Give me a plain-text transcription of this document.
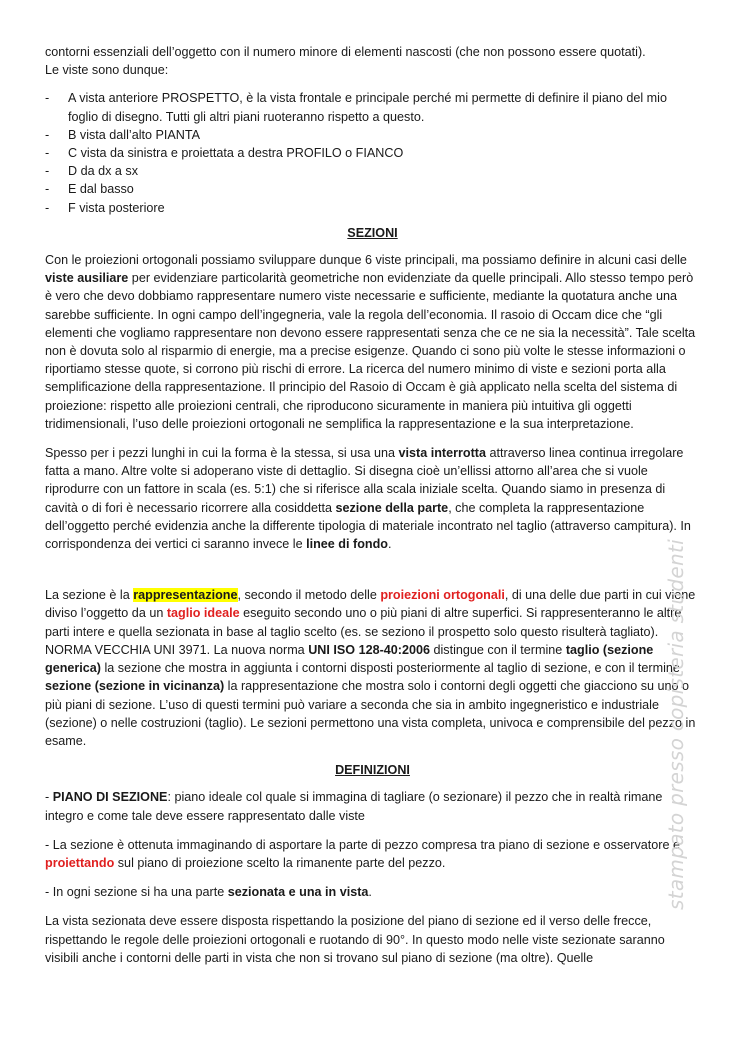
contorni essenziali dell’oggetto con il numero minore di elementi nascosti (che non possono essere quotati).

Le viste sono dunque:

- A vista anteriore PROSPETTO, è la vista frontale e principale perché mi permette di definire il piano del mio foglio di disegno. Tutti gli altri piani ruoteranno rispetto a questo.
- B vista dall’alto PIANTA
- C vista da sinistra e proiettata a destra PROFILO o FIANCO
- D da dx a sx
- E dal basso
- F vista posteriore
SEZIONI

Con le proiezioni ortogonali possiamo sviluppare dunque 6 viste principali, ma possiamo definire in alcuni casi delle viste ausiliare per evidenziare particolarità geometriche non evidenziate da quelle principali. Allo stesso tempo però è vero che devo dobbiamo rappresentare numero viste necessarie e sufficiente, mediante la quotatura anche una sarebbe sufficiente. In ogni campo dell’ingegneria, vale la regola dell’economia. Il rasoio di Occam dice che “gli elementi che vogliamo rappresentare non devono essere rappresentati senza che ce ne sia la necessità”. Tale scelta non è dovuta solo al risparmio di energie, ma a precise esigenze. Quando ci sono più volte le stesse informazioni o riportiamo stesse quote, si corrono più rischi di errore. La ricerca del numero minimo di viste e sezioni porta alla semplificazione della rappresentazione. Il principio del Rasoio di Occam è già applicato nella scelta del sistema di proiezione: rispetto alle proiezioni centrali, che riproducono sicuramente in maniera più intuitiva gli oggetti tridimensionali, l’uso delle proiezioni ortogonali ne semplifica la rappresentazione e la sua interpretazione.

Spesso per i pezzi lunghi in cui la forma è la stessa, si usa una vista interrotta attraverso linea continua irregolare fatta a mano. Altre volte si adoperano viste di dettaglio. Si disegna cioè un’ellissi attorno all’area che si vuole riprodurre con un fattore in scala (es. 5:1) che si riferisce alla scala iniziale scelta. Quando siamo in presenza di cavità o di fori è necessario ricorrere alla cosiddetta sezione della parte, che completa la rappresentazione dell’oggetto perché evidenzia anche la differente tipologia di materiale incontrato nel taglio (attraverso campitura). In corrispondenza dei vertici ci saranno invece le linee di fondo.

La sezione è la rappresentazione, secondo il metodo delle proiezioni ortogonali, di una delle due parti in cui viene diviso l’oggetto da un taglio ideale eseguito secondo uno o più piani di altre superfici. Si rappresenteranno le altre parti intere e quella sezionata in base al taglio scelto (es. se seziono il prospetto solo questo risulterà tagliato). NORMA VECCHIA UNI 3971. La nuova norma UNI ISO 128-40:2006 distingue con il termine taglio (sezione generica) la sezione che mostra in aggiunta i contorni disposti posteriormente al taglio di sezione, e con il termine sezione (sezione in vicinanza) la rappresentazione che mostra solo i contorni degli oggetti che giacciono su uno o più piani di sezione. L’uso di questi termini può variare a seconda che sia in ambito ingegneristico e industriale (sezione) o nelle costruzioni (taglio). Le sezioni permettono una vista completa, univoca e comprensibile del pezzo in esame.

DEFINIZIONI

- PIANO DI SEZIONE: piano ideale col quale si immagina di tagliare (o sezionare) il pezzo che in realtà rimane integro e come tale deve essere rappresentato dalle viste

- La sezione è ottenuta immaginando di asportare la parte di pezzo compresa tra piano di sezione e osservatore e proiettando sul piano di proiezione scelto la rimanente parte del pezzo.

- In ogni sezione si ha una parte sezionata e una in vista.

La vista sezionata deve essere disposta rispettando la posizione del piano di sezione ed il verso delle frecce, rispettando le regole delle proiezioni ortogonali e ruotando di 90°. In questo modo nelle viste sezionate saranno visibili anche i contorni delle parti in vista che non si trovano sul piano di sezione (ma oltre). Quelle

stampato presso copisteria studenti
